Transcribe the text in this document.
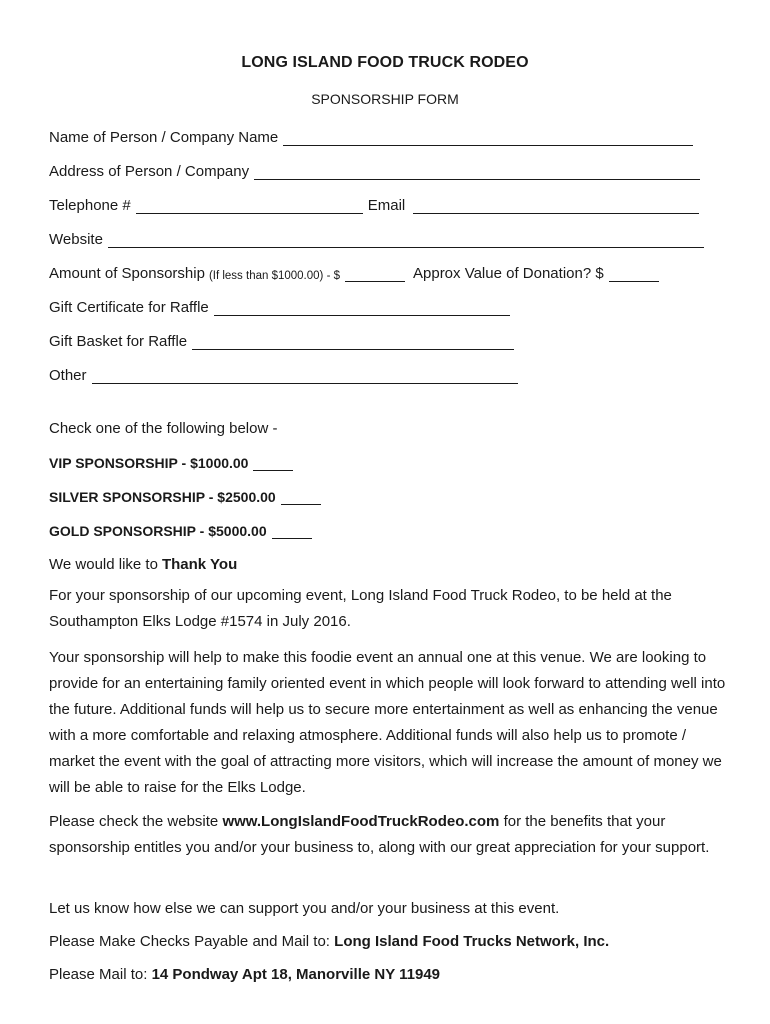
LONG ISLAND FOOD TRUCK RODEO
SPONSORSHIP FORM
Name of Person / Company Name
Address of Person / Company
Telephone #	Email
Website
Amount of Sponsorship (If less than $1000.00) - $	Approx Value of Donation? $
Gift Certificate for Raffle
Gift Basket for Raffle
Other
Check one of the following below -
VIP SPONSORSHIP - $1000.00
SILVER SPONSORSHIP - $2500.00
GOLD SPONSORSHIP - $5000.00
We would like to Thank You
For your sponsorship of our upcoming event, Long Island Food Truck Rodeo, to be held at the Southampton Elks Lodge #1574 in July 2016.
Your sponsorship will help to make this foodie event an annual one at this venue. We are looking to provide for an entertaining family oriented event in which people will look forward to attending well into the future. Additional funds will help us to secure more entertainment as well as enhancing the venue with a more comfortable and relaxing atmosphere. Additional funds will also help us to promote / market the event with the goal of attracting more visitors, which will increase the amount of money we will be able to raise for the Elks Lodge.
Please check the website www.LongIslandFoodTruckRodeo.com for the benefits that your sponsorship entitles you and/or your business to, along with our great appreciation for your support.
Let us know how else we can support you and/or your business at this event.
Please Make Checks Payable and Mail to: Long Island Food Trucks Network, Inc.
Please Mail to: 14 Pondway Apt 18, Manorville NY 11949
